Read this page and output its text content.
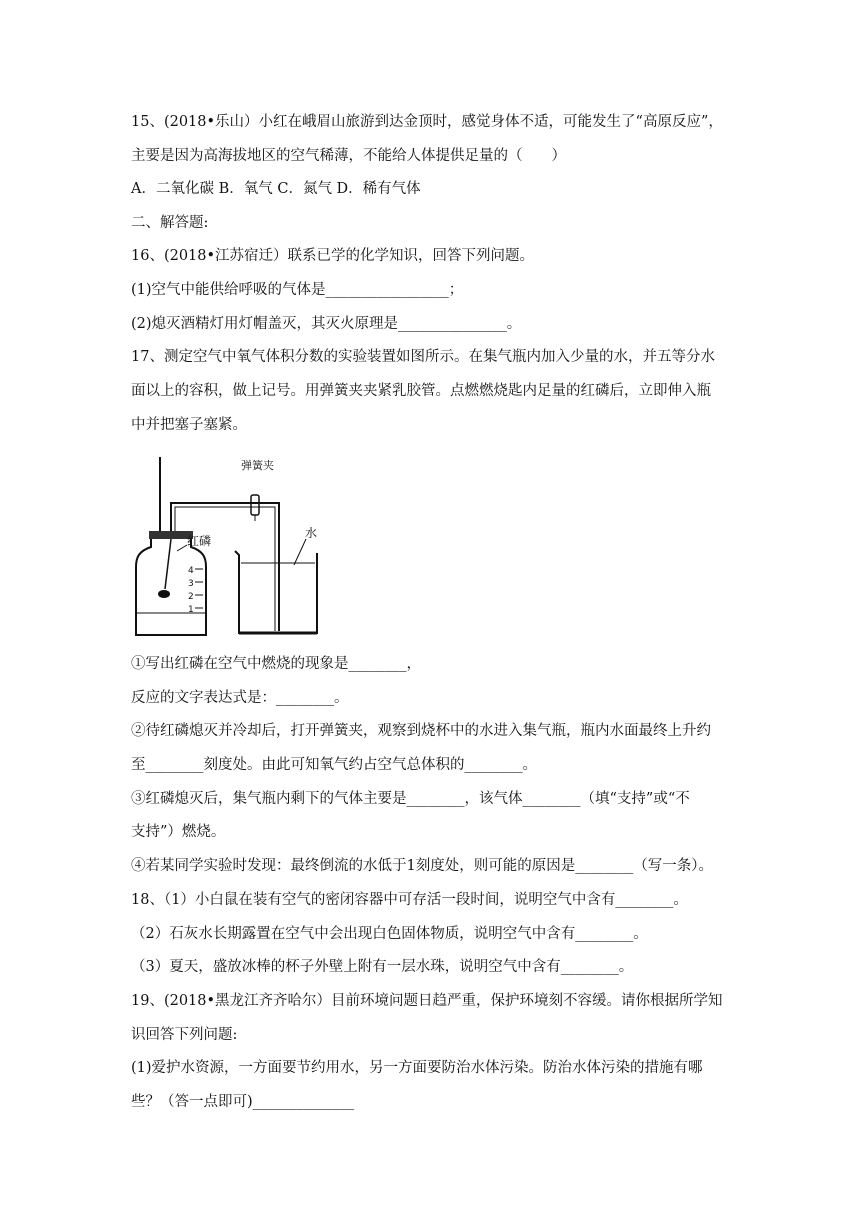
15、(2018•乐山）小红在峨眉山旅游到达金顶时，感觉身体不适，可能发生了“高原反应”，
主要是因为高海拔地区的空气稀薄，不能给人体提供足量的（　　）
A．二氧化碳 B．氧气 C．氮气 D．稀有气体
二、解答题:
16、(2018•江苏宿迁）联系已学的化学知识，回答下列问题。
(1)空气中能供给呼吸的气体是_________________；
(2)熄灭酒精灯用灯帽盖灭，其灭火原理是_______________。
17、测定空气中氧气体积分数的实验装置如图所示。在集气瓶内加入少量的水，并五等分水
面以上的容积，做上记号。用弹簧夹夹紧乳胶管。点燃燃烧匙内足量的红磷后，立即伸入瓶
中并把塞子塞紧。
4
3
2
1
红磷
弹簧夹
水
①写出红磷在空气中燃烧的现象是________，
反应的文字表达式是：________。
②待红磷熄灭并冷却后，打开弹簧夹，观察到烧杯中的水进入集气瓶，瓶内水面最终上升约
至________刻度处。由此可知氧气约占空气总体积的________。
③红磷熄灭后，集气瓶内剩下的气体主要是________，该气体________（填“支持”或“不
支持”）燃烧。
④若某同学实验时发现：最终倒流的水低于1刻度处，则可能的原因是________（写一条）。
18、（1）小白鼠在装有空气的密闭容器中可存活一段时间，说明空气中含有________。
（2）石灰水长期露置在空气中会出现白色固体物质，说明空气中含有________。
（3）夏天，盛放冰棒的杯子外壁上附有一层水珠，说明空气中含有________。
19、(2018•黑龙江齐齐哈尔）目前环境问题日趋严重，保护环境刻不容缓。请你根据所学知
识回答下列问题:
(1)爱护水资源，一方面要节约用水，另一方面要防治水体污染。防治水体污染的措施有哪
些？（答一点即可)______________
